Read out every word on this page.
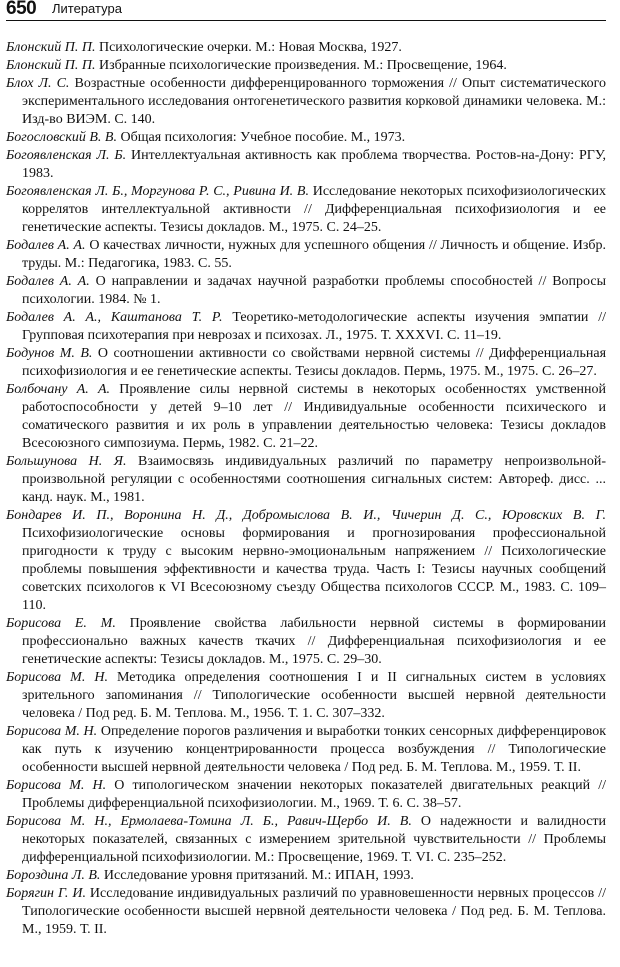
650 Литература
Блонский П. П. Психологические очерки. М.: Новая Москва, 1927.
Блонский П. П. Избранные психологические произведения. М.: Просвещение, 1964.
Блох Л. С. Возрастные особенности дифференцированного торможения // Опыт систематического экспериментального исследования онтогенетического развития корковой динамики человека. М.: Изд-во ВИЭМ. С. 140.
Богословский В. В. Общая психология: Учебное пособие. М., 1973.
Богоявленская Л. Б. Интеллектуальная активность как проблема творчества. Ростов-на-Дону: РГУ, 1983.
Богоявленская Л. Б., Моргунова Р. С., Ривина И. В. Исследование некоторых психофизиологических коррелятов интеллектуальной активности // Дифференциальная психофизиология и ее генетические аспекты. Тезисы докладов. М., 1975. С. 24–25.
Бодалев А. А. О качествах личности, нужных для успешного общения // Личность и общение. Избр. труды. М.: Педагогика, 1983. С. 55.
Бодалев А. А. О направлении и задачах научной разработки проблемы способностей // Вопросы психологии. 1984. № 1.
Бодалев А. А., Каштанова Т. Р. Теоретико-методологические аспекты изучения эмпатии // Групповая психотерапия при неврозах и психозах. Л., 1975. Т. XXXVI. С. 11–19.
Бодунов М. В. О соотношении активности со свойствами нервной системы // Дифференциальная психофизиология и ее генетические аспекты. Тезисы докладов. Пермь, 1975. М., 1975. С. 26–27.
Болбочану А. А. Проявление силы нервной системы в некоторых особенностях умственной работоспособности у детей 9–10 лет // Индивидуальные особенности психического и соматического развития и их роль в управлении деятельностью человека: Тезисы докладов Всесоюзного симпозиума. Пермь, 1982. С. 21–22.
Большунова Н. Я. Взаимосвязь индивидуальных различий по параметру непроизвольной-произвольной регуляции с особенностями соотношения сигнальных систем: Автореф. дисс. ... канд. наук. М., 1981.
Бондарев И. П., Воронина Н. Д., Добромыслова В. И., Чичерин Д. С., Юровских В. Г. Психофизиологические основы формирования и прогнозирования профессиональной пригодности к труду с высоким нервно-эмоциональным напряжением // Психологические проблемы повышения эффективности и качества труда. Часть I: Тезисы научных сообщений советских психологов к VI Всесоюзному съезду Общества психологов СССР. М., 1983. С. 109–110.
Борисова Е. М. Проявление свойства лабильности нервной системы в формировании профессионально важных качеств ткачих // Дифференциальная психофизиология и ее генетические аспекты: Тезисы докладов. М., 1975. С. 29–30.
Борисова М. Н. Методика определения соотношения I и II сигнальных систем в условиях зрительного запоминания // Типологические особенности высшей нервной деятельности человека / Под ред. Б. М. Теплова. М., 1956. Т. 1. С. 307–332.
Борисова М. Н. Определение порогов различения и выработки тонких сенсорных дифференцировок как путь к изучению концентрированности процесса возбуждения // Типологические особенности высшей нервной деятельности человека / Под ред. Б. М. Теплова. М., 1959. Т. II.
Борисова М. Н. О типологическом значении некоторых показателей двигательных реакций // Проблемы дифференциальной психофизиологии. М., 1969. Т. 6. С. 38–57.
Борисова М. Н., Ермолаева-Томина Л. Б., Равич-Щербо И. В. О надежности и валидности некоторых показателей, связанных с измерением зрительной чувствительности // Проблемы дифференциальной психофизиологии. М.: Просвещение, 1969. Т. VI. С. 235–252.
Бороздина Л. В. Исследование уровня притязаний. М.: ИПАН, 1993.
Борягин Г. И. Исследование индивидуальных различий по уравновешенности нервных процессов // Типологические особенности высшей нервной деятельности человека / Под ред. Б. М. Теплова. М., 1959. Т. II.
